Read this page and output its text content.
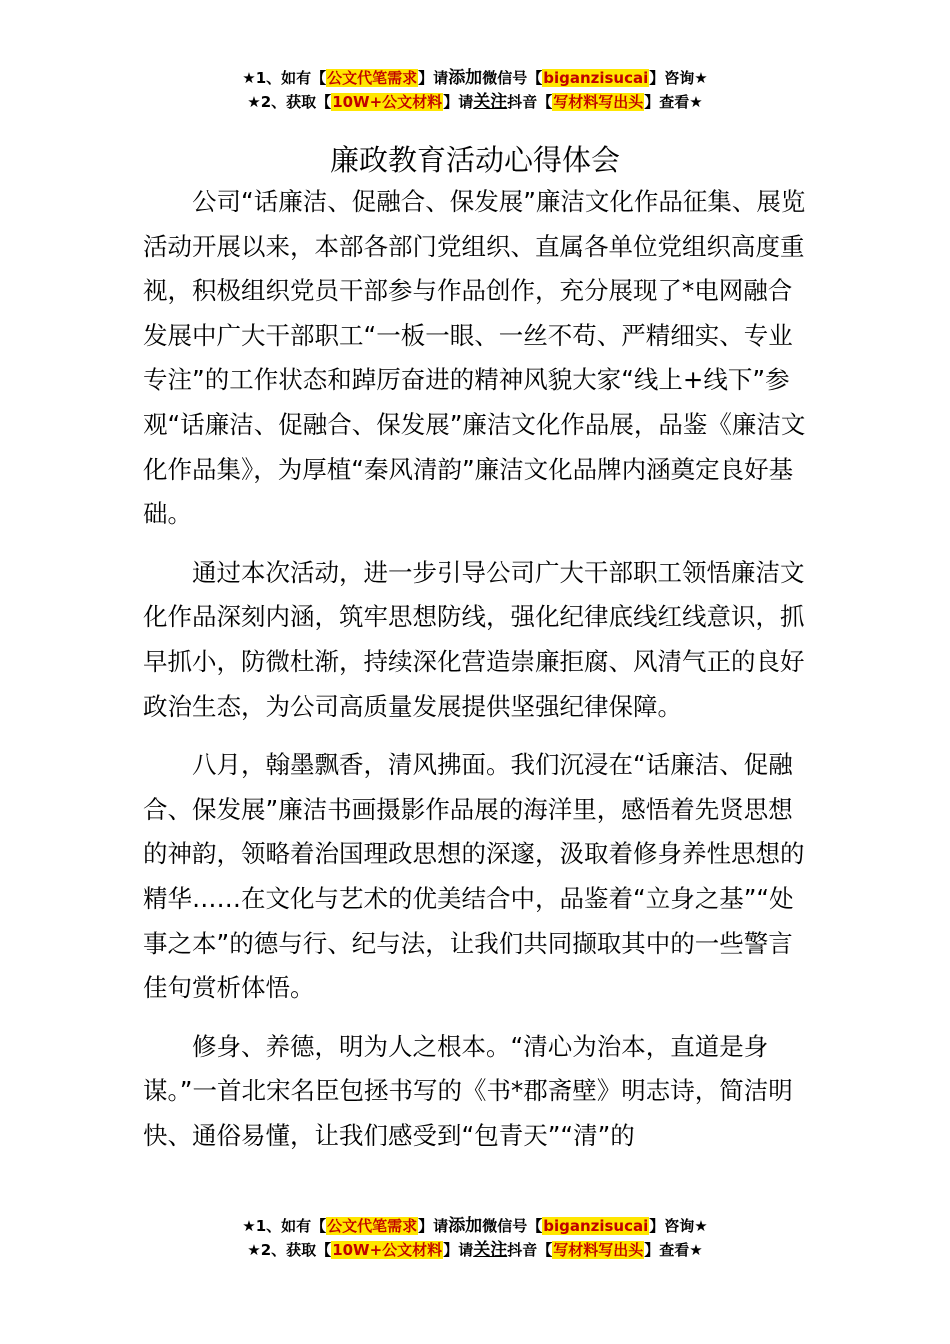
★1、如有【公文代笔需求】请添加微信号【biganzisucai】咨询★
★2、获取【10W+公文材料】请关注抖音【写材料写出头】查看★
廉政教育活动心得体会

公司“话廉洁、促融合、保发展”廉洁文化作品征集、展览活动开展以来，本部各部门党组织、直属各单位党组织高度重视，积极组织党员干部参与作品创作，充分展现了*电网融合发展中广大干部职工“一板一眼、一丝不苟、严精细实、专业专注”的工作状态和踔厉奋进的精神风貌大家“线上+线下”参观“话廉洁、促融合、保发展”廉洁文化作品展，品鉴《廉洁文化作品集》，为厚植“秦风清韵”廉洁文化品牌内涵奠定良好基础。

通过本次活动，进一步引导公司广大干部职工领悟廉洁文化作品深刻内涵，筑牢思想防线，强化纪律底线红线意识，抓早抓小，防微杜渐，持续深化营造崇廉拒腐、风清气正的良好政治生态，为公司高质量发展提供坚强纪律保障。

八月，翰墨飘香，清风拂面。我们沉浸在“话廉洁、促融合、保发展”廉洁书画摄影作品展的海洋里，感悟着先贤思想的神韵，领略着治国理政思想的深邃，汲取着修身养性思想的精华……在文化与艺术的优美结合中，品鉴着“立身之基”“处事之本”的德与行、纪与法，让我们共同撷取其中的一些警言佳句赏析体悟。

修身、养德，明为人之根本。“清心为治本，直道是身谋。”一首北宋名臣包拯书写的《书*郡斋壁》明志诗，简洁明快、通俗易懂，让我们感受到“包青天”“清”的

★1、如有【公文代笔需求】请添加微信号【biganzisucai】咨询★
★2、获取【10W+公文材料】请关注抖音【写材料写出头】查看★
